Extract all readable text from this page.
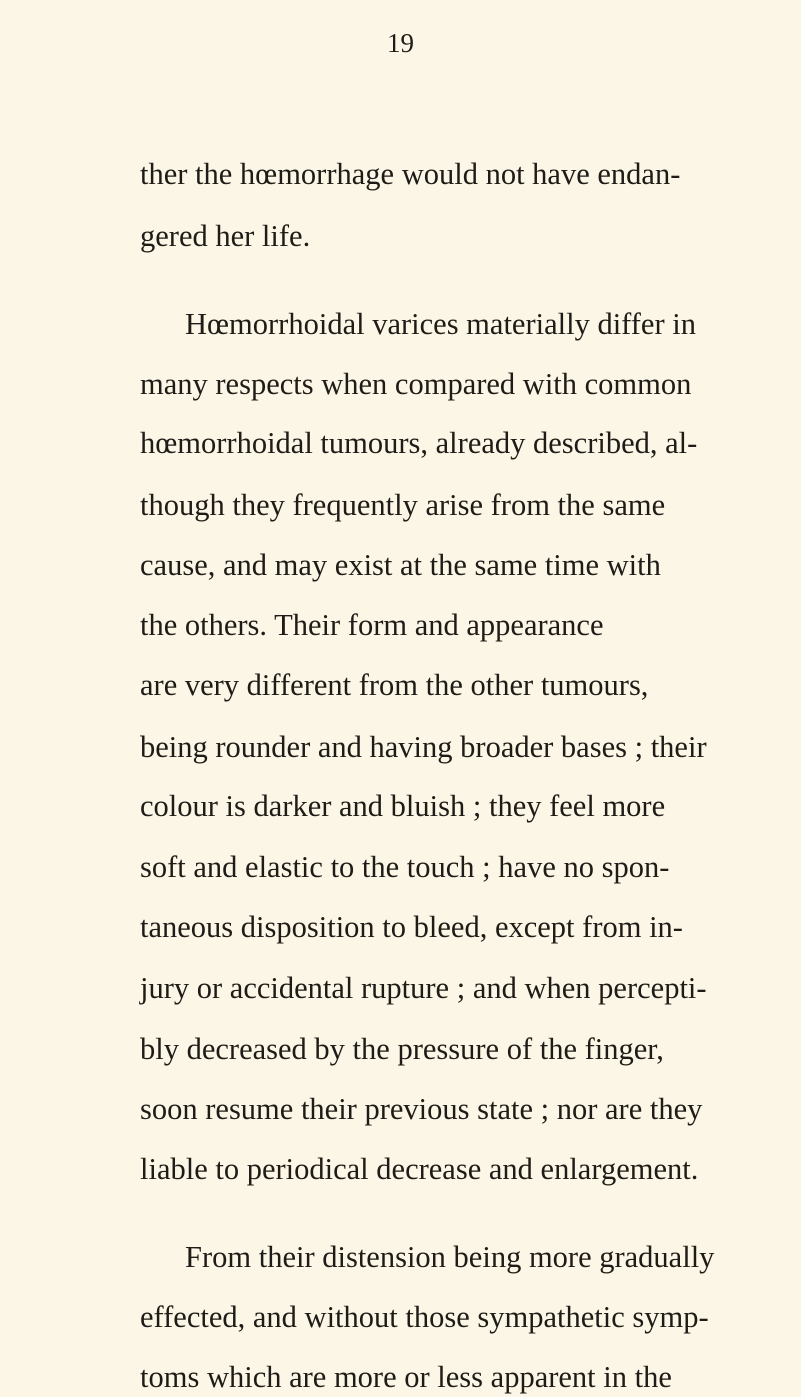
19
ther the hœmorrhage would not have endan-
gered her life.
Hœmorrhoidal varices materially differ in
many respects when compared with common
hœmorrhoidal tumours, already described, al-
though they frequently arise from the same
cause, and may exist at the same time with
the others. Their form and appearance
are very different from the other tumours,
being rounder and having broader bases ; their
colour is darker and bluish ; they feel more
soft and elastic to the touch ; have no spon-
taneous disposition to bleed, except from in-
jury or accidental rupture ; and when percepti-
bly decreased by the pressure of the finger,
soon resume their previous state ; nor are they
liable to periodical decrease and enlargement.
From their distension being more gradually
effected, and without those sympathetic symp-
toms which are more or less apparent in the
